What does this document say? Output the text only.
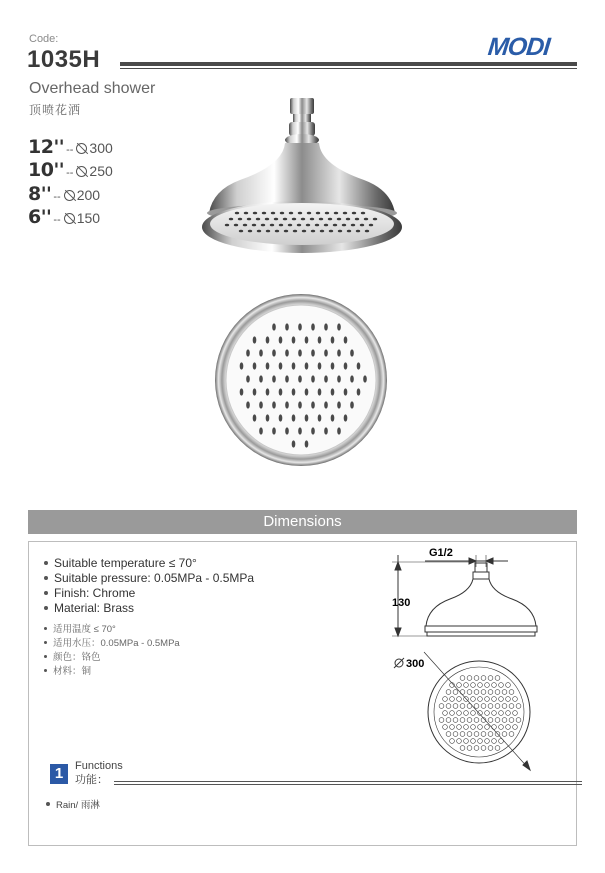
Code:
1035H	MODI
Overhead shower
顶喷花洒
12'' --	300
10'' --	250
8'' --	200
6'' --	150
Dimensions
Suitable temperature ≤ 70°
Suitable pressure: 0.05MPa - 0.5MPa
Finish: Chrome
Material: Brass
适用温度 ≤ 70°
适用水压：0.05MPa - 0.5MPa
颜色：铬色
材料：铜
G1/2
130
300
1	Functions
功能：
Rain/ 雨淋
